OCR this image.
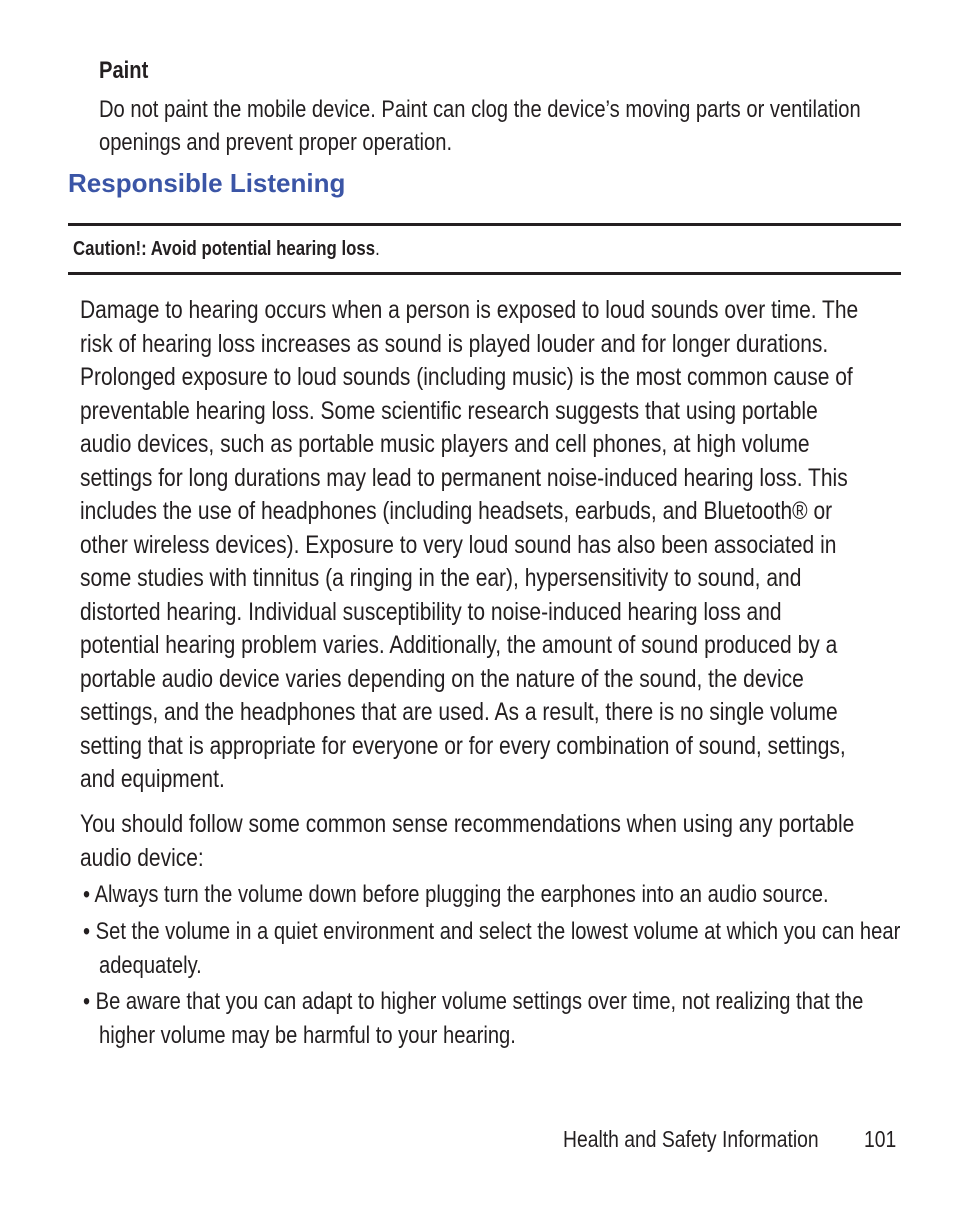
Paint

Do not paint the mobile device. Paint can clog the device’s moving parts or ventilation

openings and prevent proper operation.

Responsible Listening

Caution!: Avoid potential hearing loss.

Damage to hearing occurs when a person is exposed to loud sounds over time. The

risk of hearing loss increases as sound is played louder and for longer durations.

Prolonged exposure to loud sounds (including music) is the most common cause of

preventable hearing loss. Some scientific research suggests that using portable

audio devices, such as portable music players and cell phones, at high volume

settings for long durations may lead to permanent noise-induced hearing loss. This

includes the use of headphones (including headsets, earbuds, and Bluetooth® or

other wireless devices). Exposure to very loud sound has also been associated in

some studies with tinnitus (a ringing in the ear), hypersensitivity to sound, and

distorted hearing. Individual susceptibility to noise-induced hearing loss and

potential hearing problem varies. Additionally, the amount of sound produced by a

portable audio device varies depending on the nature of the sound, the device

settings, and the headphones that are used. As a result, there is no single volume

setting that is appropriate for everyone or for every combination of sound, settings,

and equipment.

You should follow some common sense recommendations when using any portable

audio device:

• Always turn the volume down before plugging the earphones into an audio source.

• Set the volume in a quiet environment and select the lowest volume at which you can hear

adequately.

• Be aware that you can adapt to higher volume settings over time, not realizing that the

higher volume may be harmful to your hearing.

Health and Safety Information	101
